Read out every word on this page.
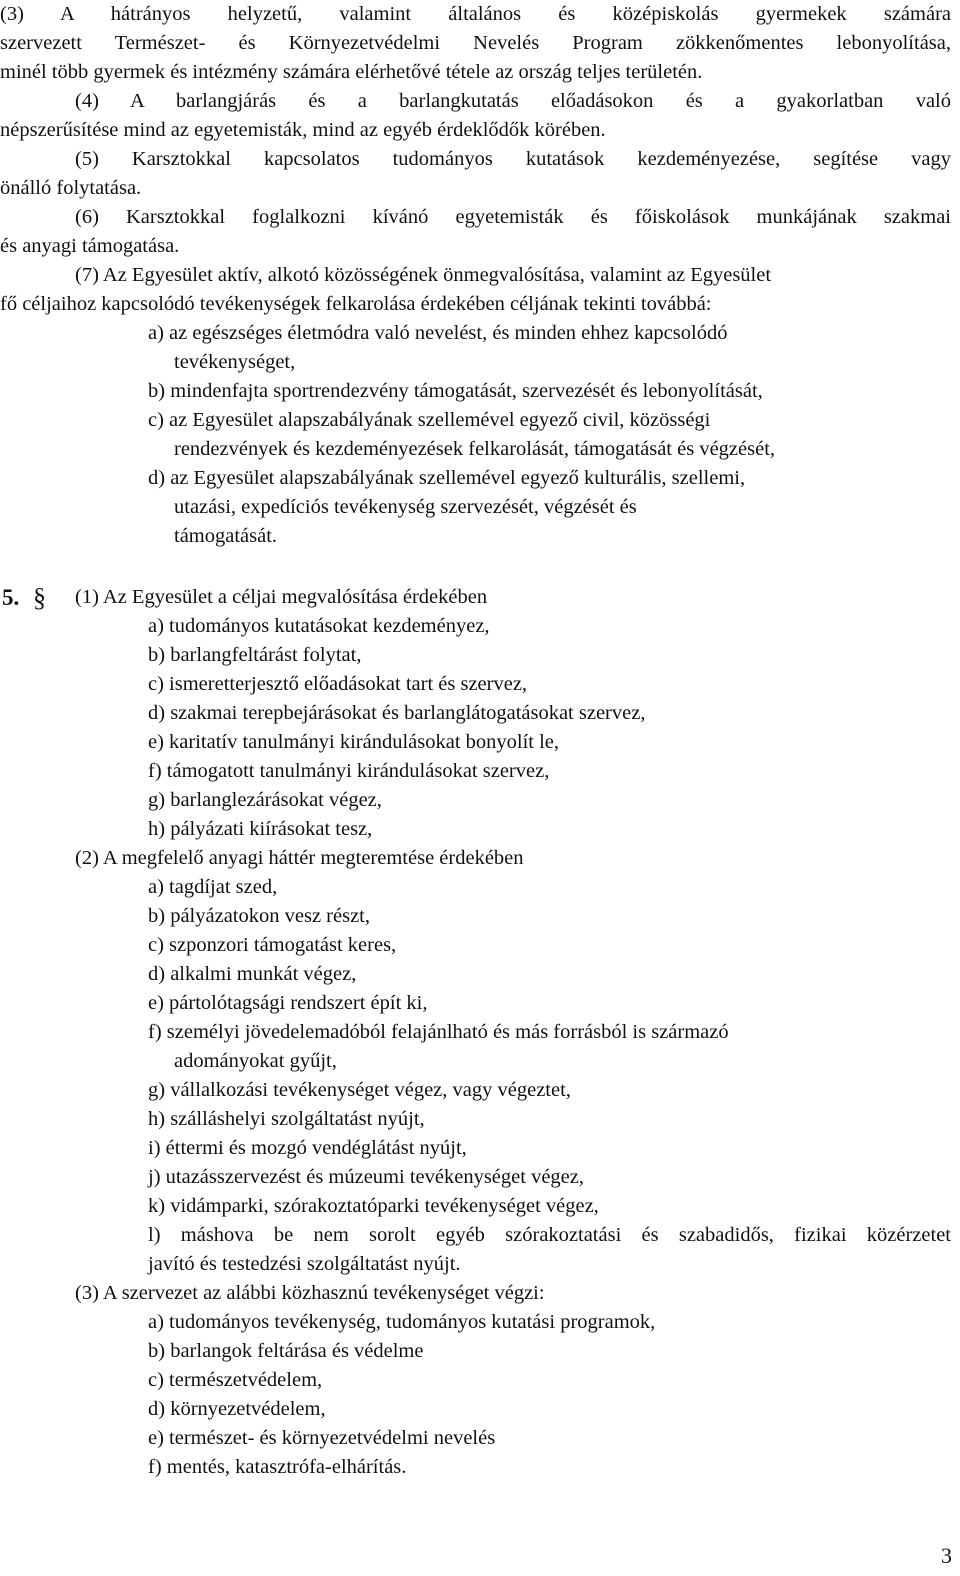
(3) A hátrányos helyzetű, valamint általános és középiskolás gyermekek számára
szervezett Természet- és Környezetvédelmi Nevelés Program zökkenőmentes lebonyolítása,
minél több gyermek és intézmény számára elérhetővé tétele az ország teljes területén.
(4) A barlangjárás és a barlangkutatás előadásokon és a gyakorlatban való
népszerűsítése mind az egyetemisták, mind az egyéb érdeklődők körében.
(5) Karsztokkal kapcsolatos tudományos kutatások kezdeményezése, segítése vagy
önálló folytatása.
(6) Karsztokkal foglalkozni kívánó egyetemisták és főiskolások munkájának szakmai
és anyagi támogatása.
(7) Az Egyesület aktív, alkotó közösségének önmegvalósítása, valamint az Egyesület
fő céljaihoz kapcsolódó tevékenységek felkarolása érdekében céljának tekinti továbbá:
a) az egészséges életmódra való nevelést, és minden ehhez kapcsolódó
tevékenységet,
b) mindenfajta sportrendezvény támogatását, szervezését és lebonyolítását,
c) az Egyesület alapszabályának szellemével egyező civil, közösségi
rendezvények és kezdeményezések felkarolását, támogatását és végzését,
d) az Egyesület alapszabályának szellemével egyező kulturális, szellemi,
utazási, expedíciós tevékenység szervezését, végzését és
támogatását.
5. § (1) Az Egyesület a céljai megvalósítása érdekében
a) tudományos kutatásokat kezdeményez,
b) barlangfeltárást folytat,
c) ismeretterjesztő előadásokat tart és szervez,
d) szakmai terepbejárásokat és barlanglátogatásokat szervez,
e) karitatív tanulmányi kirándulásokat bonyolít le,
f) támogatott tanulmányi kirándulásokat szervez,
g) barlanglezárásokat végez,
h) pályázati kiírásokat tesz,
(2) A megfelelő anyagi háttér megteremtése érdekében
a) tagdíjat szed,
b) pályázatokon vesz részt,
c) szponzori támogatást keres,
d) alkalmi munkát végez,
e) pártolótagsági rendszert épít ki,
f) személyi jövedelemadóból felajánlható és más forrásból is származó
adományokat gyűjt,
g) vállalkozási tevékenységet végez, vagy végeztet,
h) szálláshelyi szolgáltatást nyújt,
i) éttermi és mozgó vendéglátást nyújt,
j) utazásszervezést és múzeumi tevékenységet végez,
k) vidámparki, szórakoztatóparki tevékenységet végez,
l) máshova be nem sorolt egyéb szórakoztatási és szabadidős, fizikai közérzetet
javító és testedzési szolgáltatást nyújt.
(3) A szervezet az alábbi közhasznú tevékenységet végzi:
a) tudományos tevékenység, tudományos kutatási programok,
b) barlangok feltárása és védelme
c) természetvédelem,
d) környezetvédelem,
e) természet- és környezetvédelmi nevelés
f) mentés, katasztrófa-elhárítás.
3
